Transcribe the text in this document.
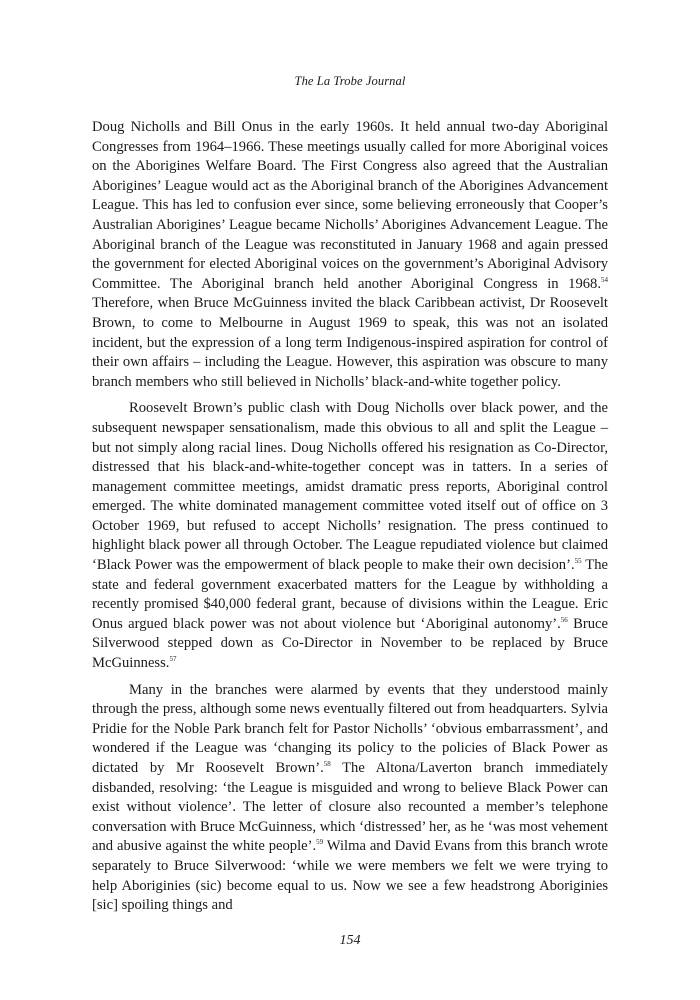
The La Trobe Journal

Doug Nicholls and Bill Onus in the early 1960s. It held annual two-day Aboriginal Congresses from 1964–1966. These meetings usually called for more Aboriginal voices on the Aborigines Welfare Board. The First Congress also agreed that the Australian Aborigines’ League would act as the Aboriginal branch of the Aborigines Advancement League. This has led to confusion ever since, some believing erroneously that Cooper’s Australian Aborigines’ League became Nicholls’ Aborigines Advancement League. The Aboriginal branch of the League was reconstituted in January 1968 and again pressed the government for elected Aboriginal voices on the government’s Aboriginal Advisory Committee. The Aboriginal branch held another Aboriginal Congress in 1968.54 Therefore, when Bruce McGuinness invited the black Caribbean activist, Dr Roosevelt Brown, to come to Melbourne in August 1969 to speak, this was not an isolated incident, but the expression of a long term Indigenous-inspired aspiration for control of their own affairs – including the League. However, this aspiration was obscure to many branch members who still believed in Nicholls’ black-and-white together policy.

Roosevelt Brown’s public clash with Doug Nicholls over black power, and the subsequent newspaper sensationalism, made this obvious to all and split the League – but not simply along racial lines. Doug Nicholls offered his resignation as Co-Director, distressed that his black-and-white-together concept was in tatters. In a series of management committee meetings, amidst dramatic press reports, Aboriginal control emerged. The white dominated management committee voted itself out of office on 3 October 1969, but refused to accept Nicholls’ resignation. The press continued to highlight black power all through October. The League repudiated violence but claimed ‘Black Power was the empowerment of black people to make their own decision’.$^{55}$ The state and federal government exacerbated matters for the League by withholding a recently promised $40,000 federal grant, because of divisions within the League. Eric Onus argued black power was not about violence but ‘Aboriginal autonomy’.$^{56}$ Bruce Silverwood stepped down as Co-Director in November to be replaced by Bruce McGuinness.$^{57}$

Many in the branches were alarmed by events that they understood mainly through the press, although some news eventually filtered out from headquarters. Sylvia Pridie for the Noble Park branch felt for Pastor Nicholls’ ‘obvious embarrassment’, and wondered if the League was ‘changing its policy to the policies of Black Power as dictated by Mr Roosevelt Brown’.$^{58}$ The Altona/Laverton branch immediately disbanded, resolving: ‘the League is misguided and wrong to believe Black Power can exist without violence’. The letter of closure also recounted a member’s telephone conversation with Bruce McGuinness, which ‘distressed’ her, as he ‘was most vehement and abusive against the white people’.$^{59}$ Wilma and David Evans from this branch wrote separately to Bruce Silverwood: ‘while we were members we felt we were trying to help Aboriginies (sic) become equal to us. Now we see a few headstrong Aboriginies [sic] spoiling things and

154
